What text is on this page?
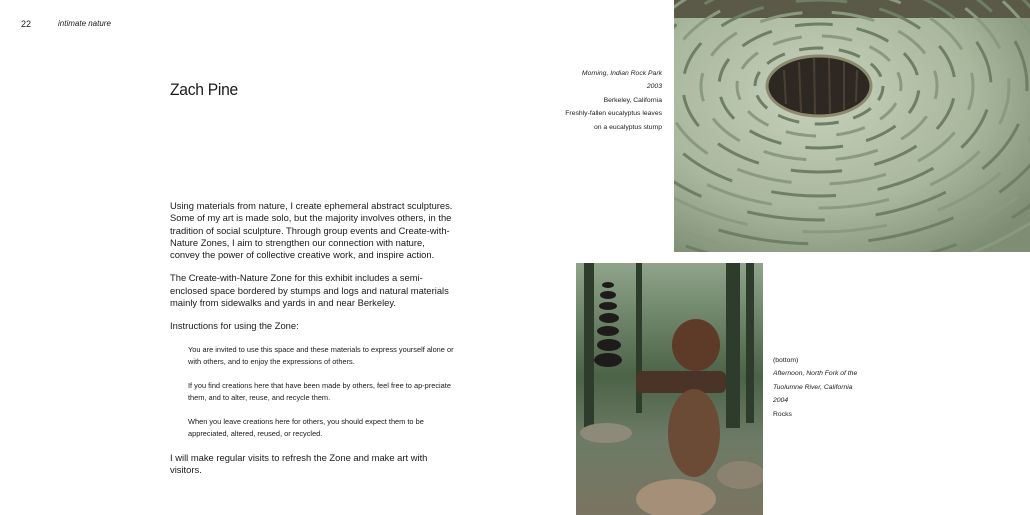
22	intimate nature
Zach Pine

Using materials from nature, I create ephemeral abstract sculptures. Some of my art is made solo, but the majority involves others, in the tradition of social sculpture. Through group events and Create-with-Nature Zones, I aim to strengthen our connection with nature, convey the power of collective creative work, and inspire action.

The Create-with-Nature Zone for this exhibit includes a semi-enclosed space bordered by stumps and logs and natural materials mainly from sidewalks and yards in and near Berkeley.

Instructions for using the Zone:

You are invited to use this space and these materials to express yourself alone or with others, and to enjoy the expressions of others.

If you find creations here that have been made by others, feel free to ap-preciate them, and to alter, reuse, and recycle them.

When you leave creations here for others, you should expect them to be appreciated, altered, reused, or recycled.

I will make regular visits to refresh the Zone and make art with visitors.

Morning, Indian Rock Park
2003
Berkeley, California
Freshly-fallen eucalyptus leaves
on a eucalyptus stump
(bottom)
Afternoon, North Fork of the
Tuolumne River, California
2004
Rocks
